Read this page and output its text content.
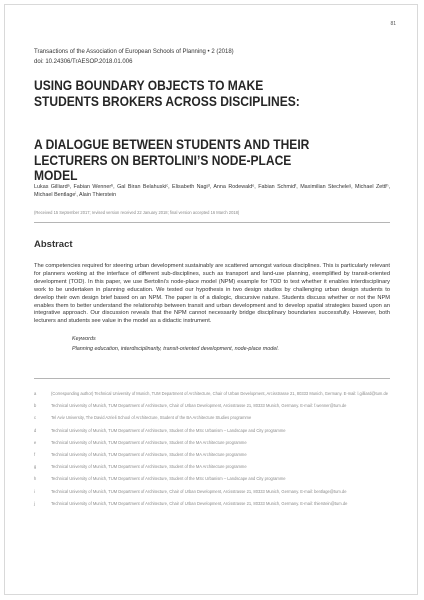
81
Transactions of the Association of European Schools of Planning • 2 (2018)
doi: 10.24306/TrAESOP.2018.01.006
USING BOUNDARY OBJECTS TO MAKE
STUDENTS BROKERS ACROSS DISCIPLINES:
A DIALOGUE BETWEEN STUDENTS AND THEIR
LECTURERS ON BERTOLINI’S NODE-PLACE
MODEL
Lukas Gilliardᵃ, Fabian Wennerᵇ, Gal Biran Belahuskiᶜ, Elisabeth Nagiᵈ, Anna Rodewaldᵉ, Fabian Schmidᶠ, Maximilian Stechelеᵍ, Michael Zettlʰ, Michael Bentlageⁱ, Alain Thierstein
(Received 15 September 2017; revised version received 22 January 2018; final version accepted 16 March 2018)
Abstract
The competencies required for steering urban development sustainably are scattered amongst various disciplines. This is particularly relevant for planners working at the interface of different sub-disciplines, such as transport and land-use planning, exemplified by transit-oriented development (TOD). In this paper, we use Bertolini’s node-place model (NPM) example for TOD to test whether it enables interdisciplinary work to be undertaken in planning education. We tested our hypothesis in two design studios by challenging urban design students to develop their own design brief based on an NPM. The paper is of a dialogic, discursive nature. Students discuss whether or not the NPM enables them to better understand the relationship between transit and urban development and to develop spatial strategies based upon an integrative approach. Our discussion reveals that the NPM cannot necessarily bridge disciplinary boundaries successfully. However, both lecturers and students see value in the model as a didactic instrument.
Keywords
Planning education, interdisciplinarity, transit-oriented development, node-place model.
a	(Corresponding author) Technical University of Munich, TUM Department of Architecture, Chair of Urban Development, Arcisstrasse 21, 80333 Munich, Germany. E-mail: l.gilliard@tum.de
b	Technical University of Munich, TUM Department of Architecture, Chair of Urban Development, Arcisstrasse 21, 80333 Munich, Germany. E-mail: f.wenner@tum.de
c	Tel Aviv University, The David Azrieli School of Architecture, Student of the BA Architecture Studies programme
d	Technical University of Munich, TUM Department of Architecture, Student of the MSc Urbanism – Landscape and City programme
e	Technical University of Munich, TUM Department of Architecture, Student of the MA Architecture programme
f	Technical University of Munich, TUM Department of Architecture, Student of the MA Architecture programme
g	Technical University of Munich, TUM Department of Architecture, Student of the MA Architecture programme
h	Technical University of Munich, TUM Department of Architecture, Student of the MSc Urbanism – Landscape and City programme
i	Technical University of Munich, TUM Department of Architecture, Chair of Urban Development, Arcisstrasse 21, 80333 Munich, Germany. E-mail: bentlage@tum.de
j	Technical University of Munich, TUM Department of Architecture, Chair of Urban Development, Arcisstrasse 21, 80333 Munich, Germany. E-mail: thierstein@tum.de
